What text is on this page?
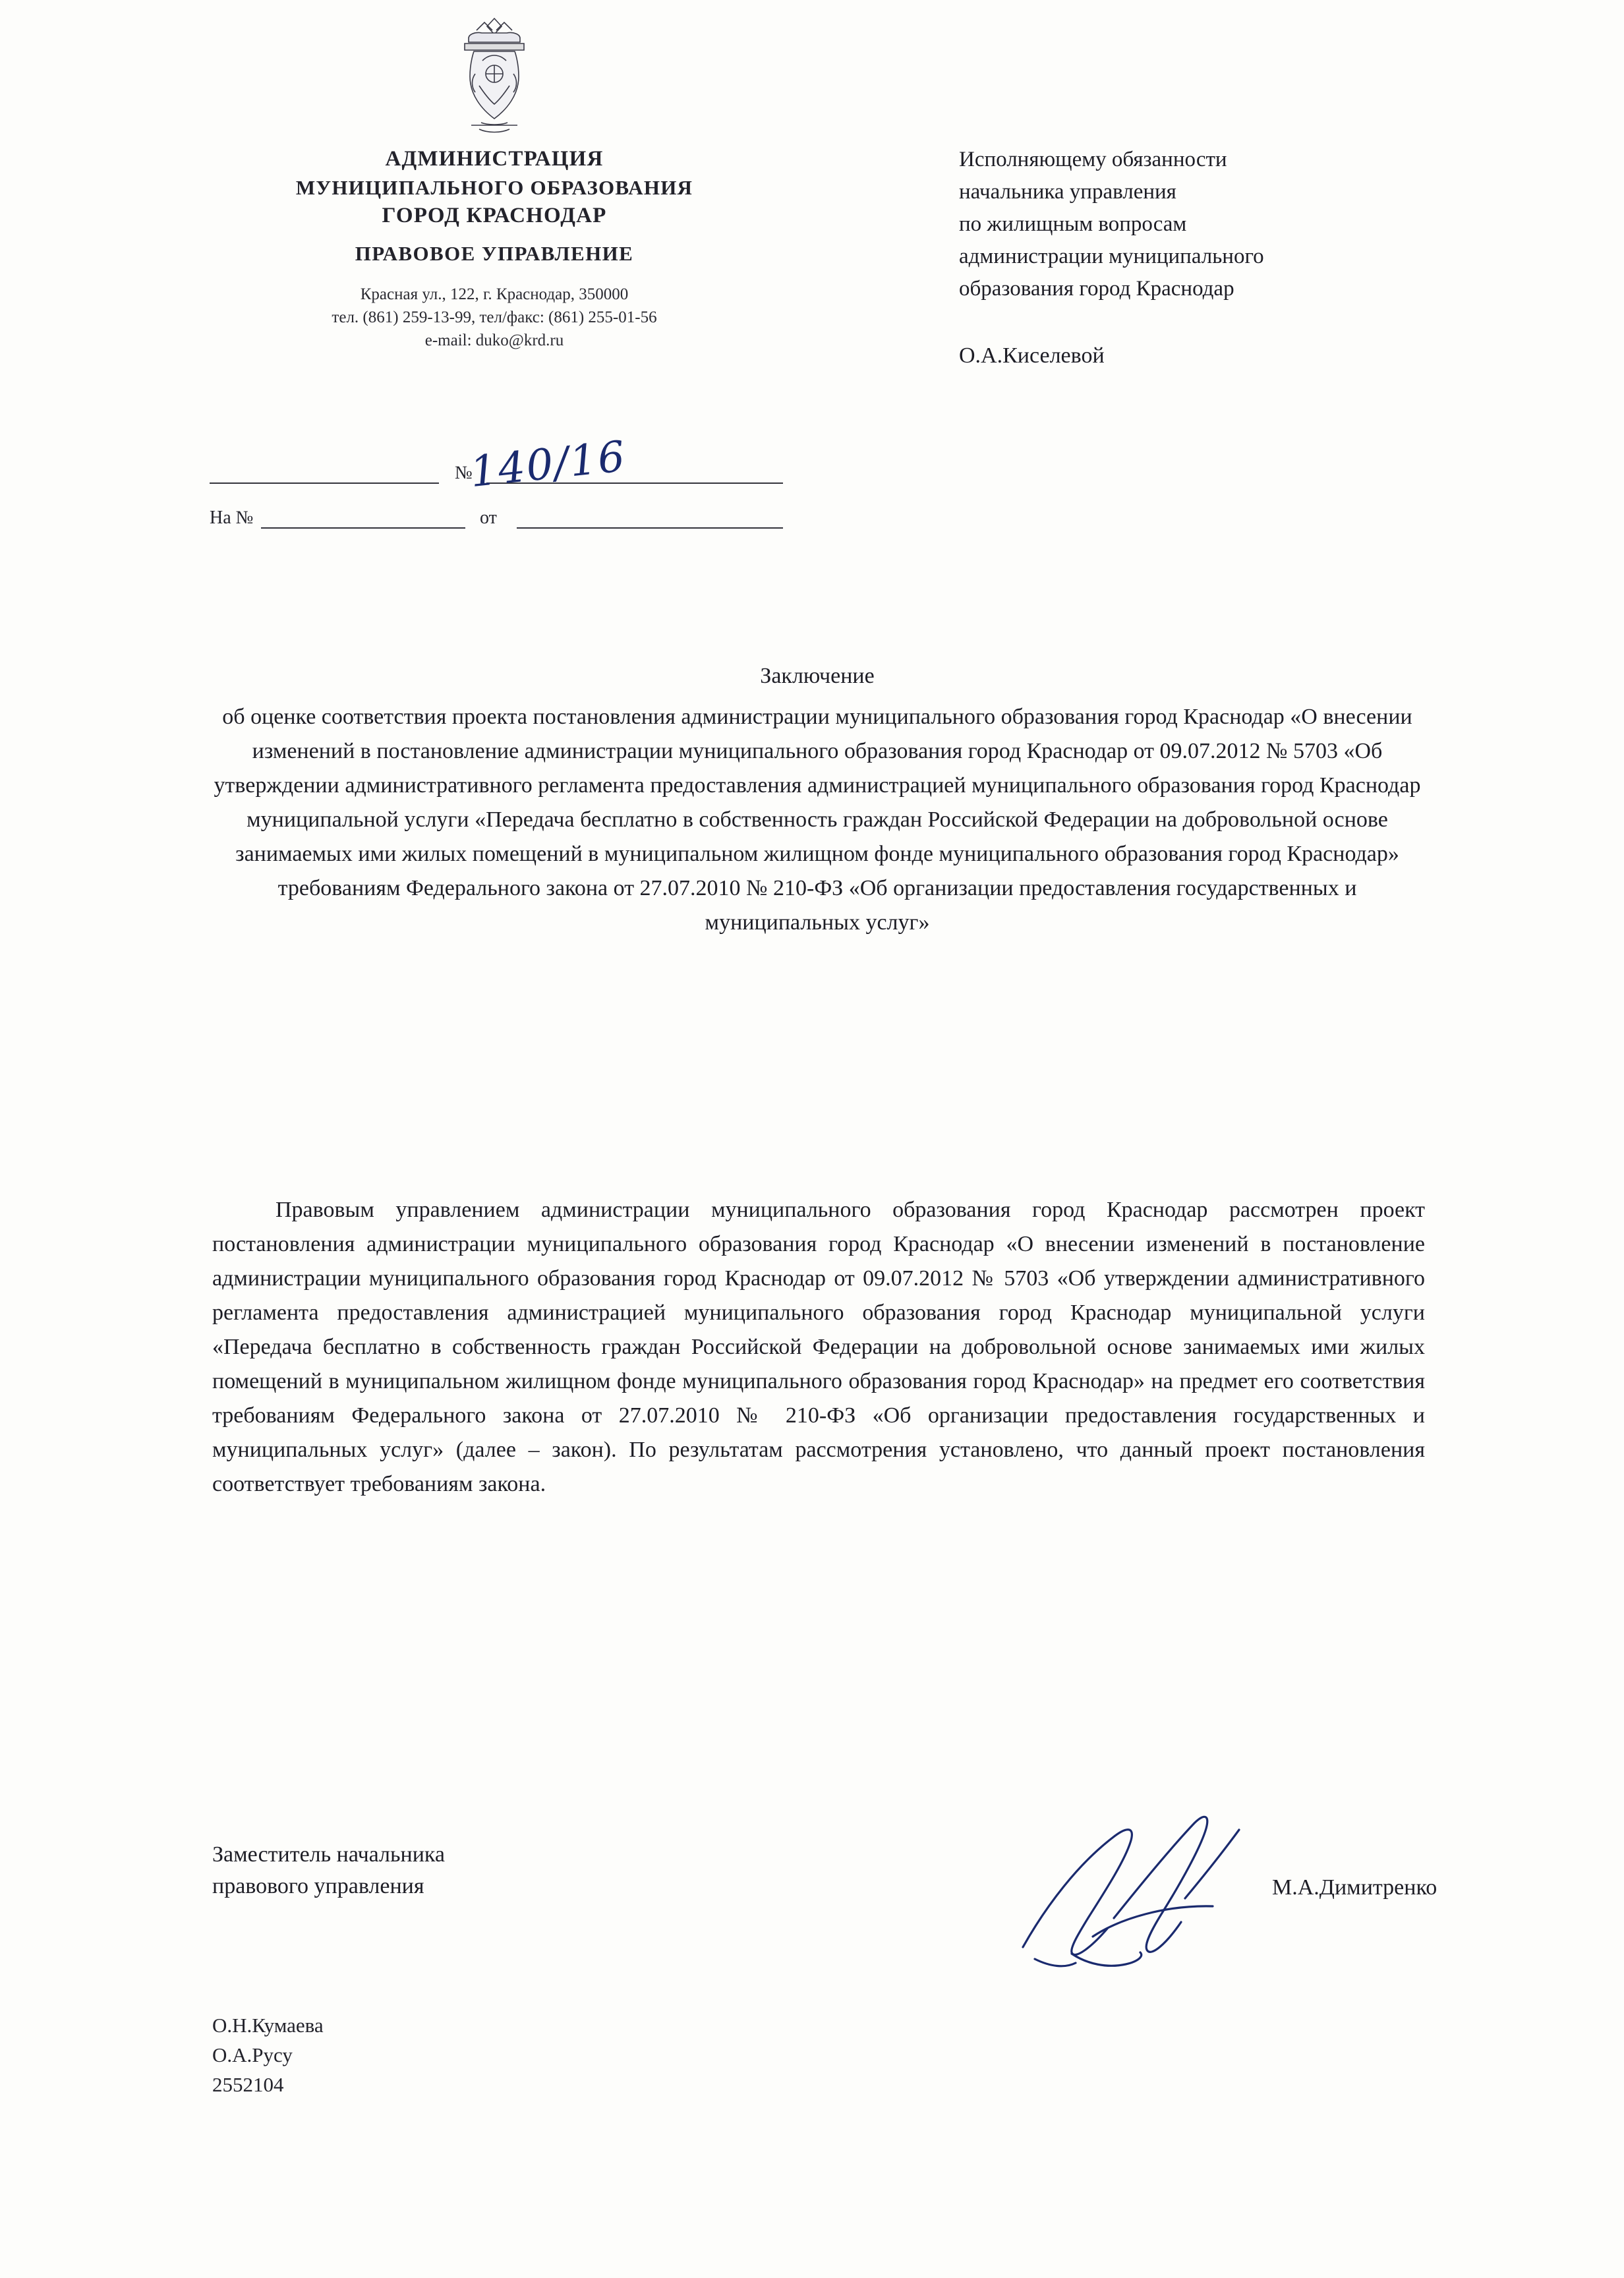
АДМИНИСТРАЦИЯ
МУНИЦИПАЛЬНОГО ОБРАЗОВАНИЯ
ГОРОД КРАСНОДАР
ПРАВОВОЕ УПРАВЛЕНИЕ
Красная ул., 122, г. Краснодар, 350000
тел. (861) 259-13-99, тел/факс: (861) 255-01-56
e-mail: duko@krd.ru
№
140/16
На №	от
Исполняющему обязанности
начальника управления
по жилищным вопросам
администрации муниципального
образования город Краснодар
О.А.Киселевой
Заключение
об оценке соответствия проекта постановления администрации муниципального образования город Краснодар «О внесении изменений в постановление администрации муниципального образования город Краснодар от 09.07.2012 № 5703 «Об утверждении административного регламента предоставления администрацией муниципального образования город Краснодар муниципальной услуги «Передача бесплатно в собственность граждан Российской Федерации на добровольной основе занимаемых ими жилых помещений в муниципальном жилищном фонде муниципального образования город Краснодар» требованиям Федерального закона от 27.07.2010 № 210-ФЗ «Об организации предоставления государственных и муниципальных услуг»
Правовым управлением администрации муниципального образования город Краснодар рассмотрен проект постановления администрации муниципального образования город Краснодар «О внесении изменений в постановление администрации муниципального образования город Краснодар от 09.07.2012 № 5703 «Об утверждении административного регламента предоставления администрацией муниципального образования город Краснодар муниципальной услуги «Передача бесплатно в собственность граждан Российской Федерации на добровольной основе занимаемых ими жилых помещений в муниципальном жилищном фонде муниципального образования город Краснодар» на предмет его соответствия требованиям Федерального закона от 27.07.2010 № 210-ФЗ «Об организации предоставления государственных и муниципальных услуг» (далее – закон). По результатам рассмотрения установлено, что данный проект постановления соответствует требованиям закона.
Заместитель начальника
правового управления	М.А.Димитренко
О.Н.Кумаева
О.А.Русу
2552104
